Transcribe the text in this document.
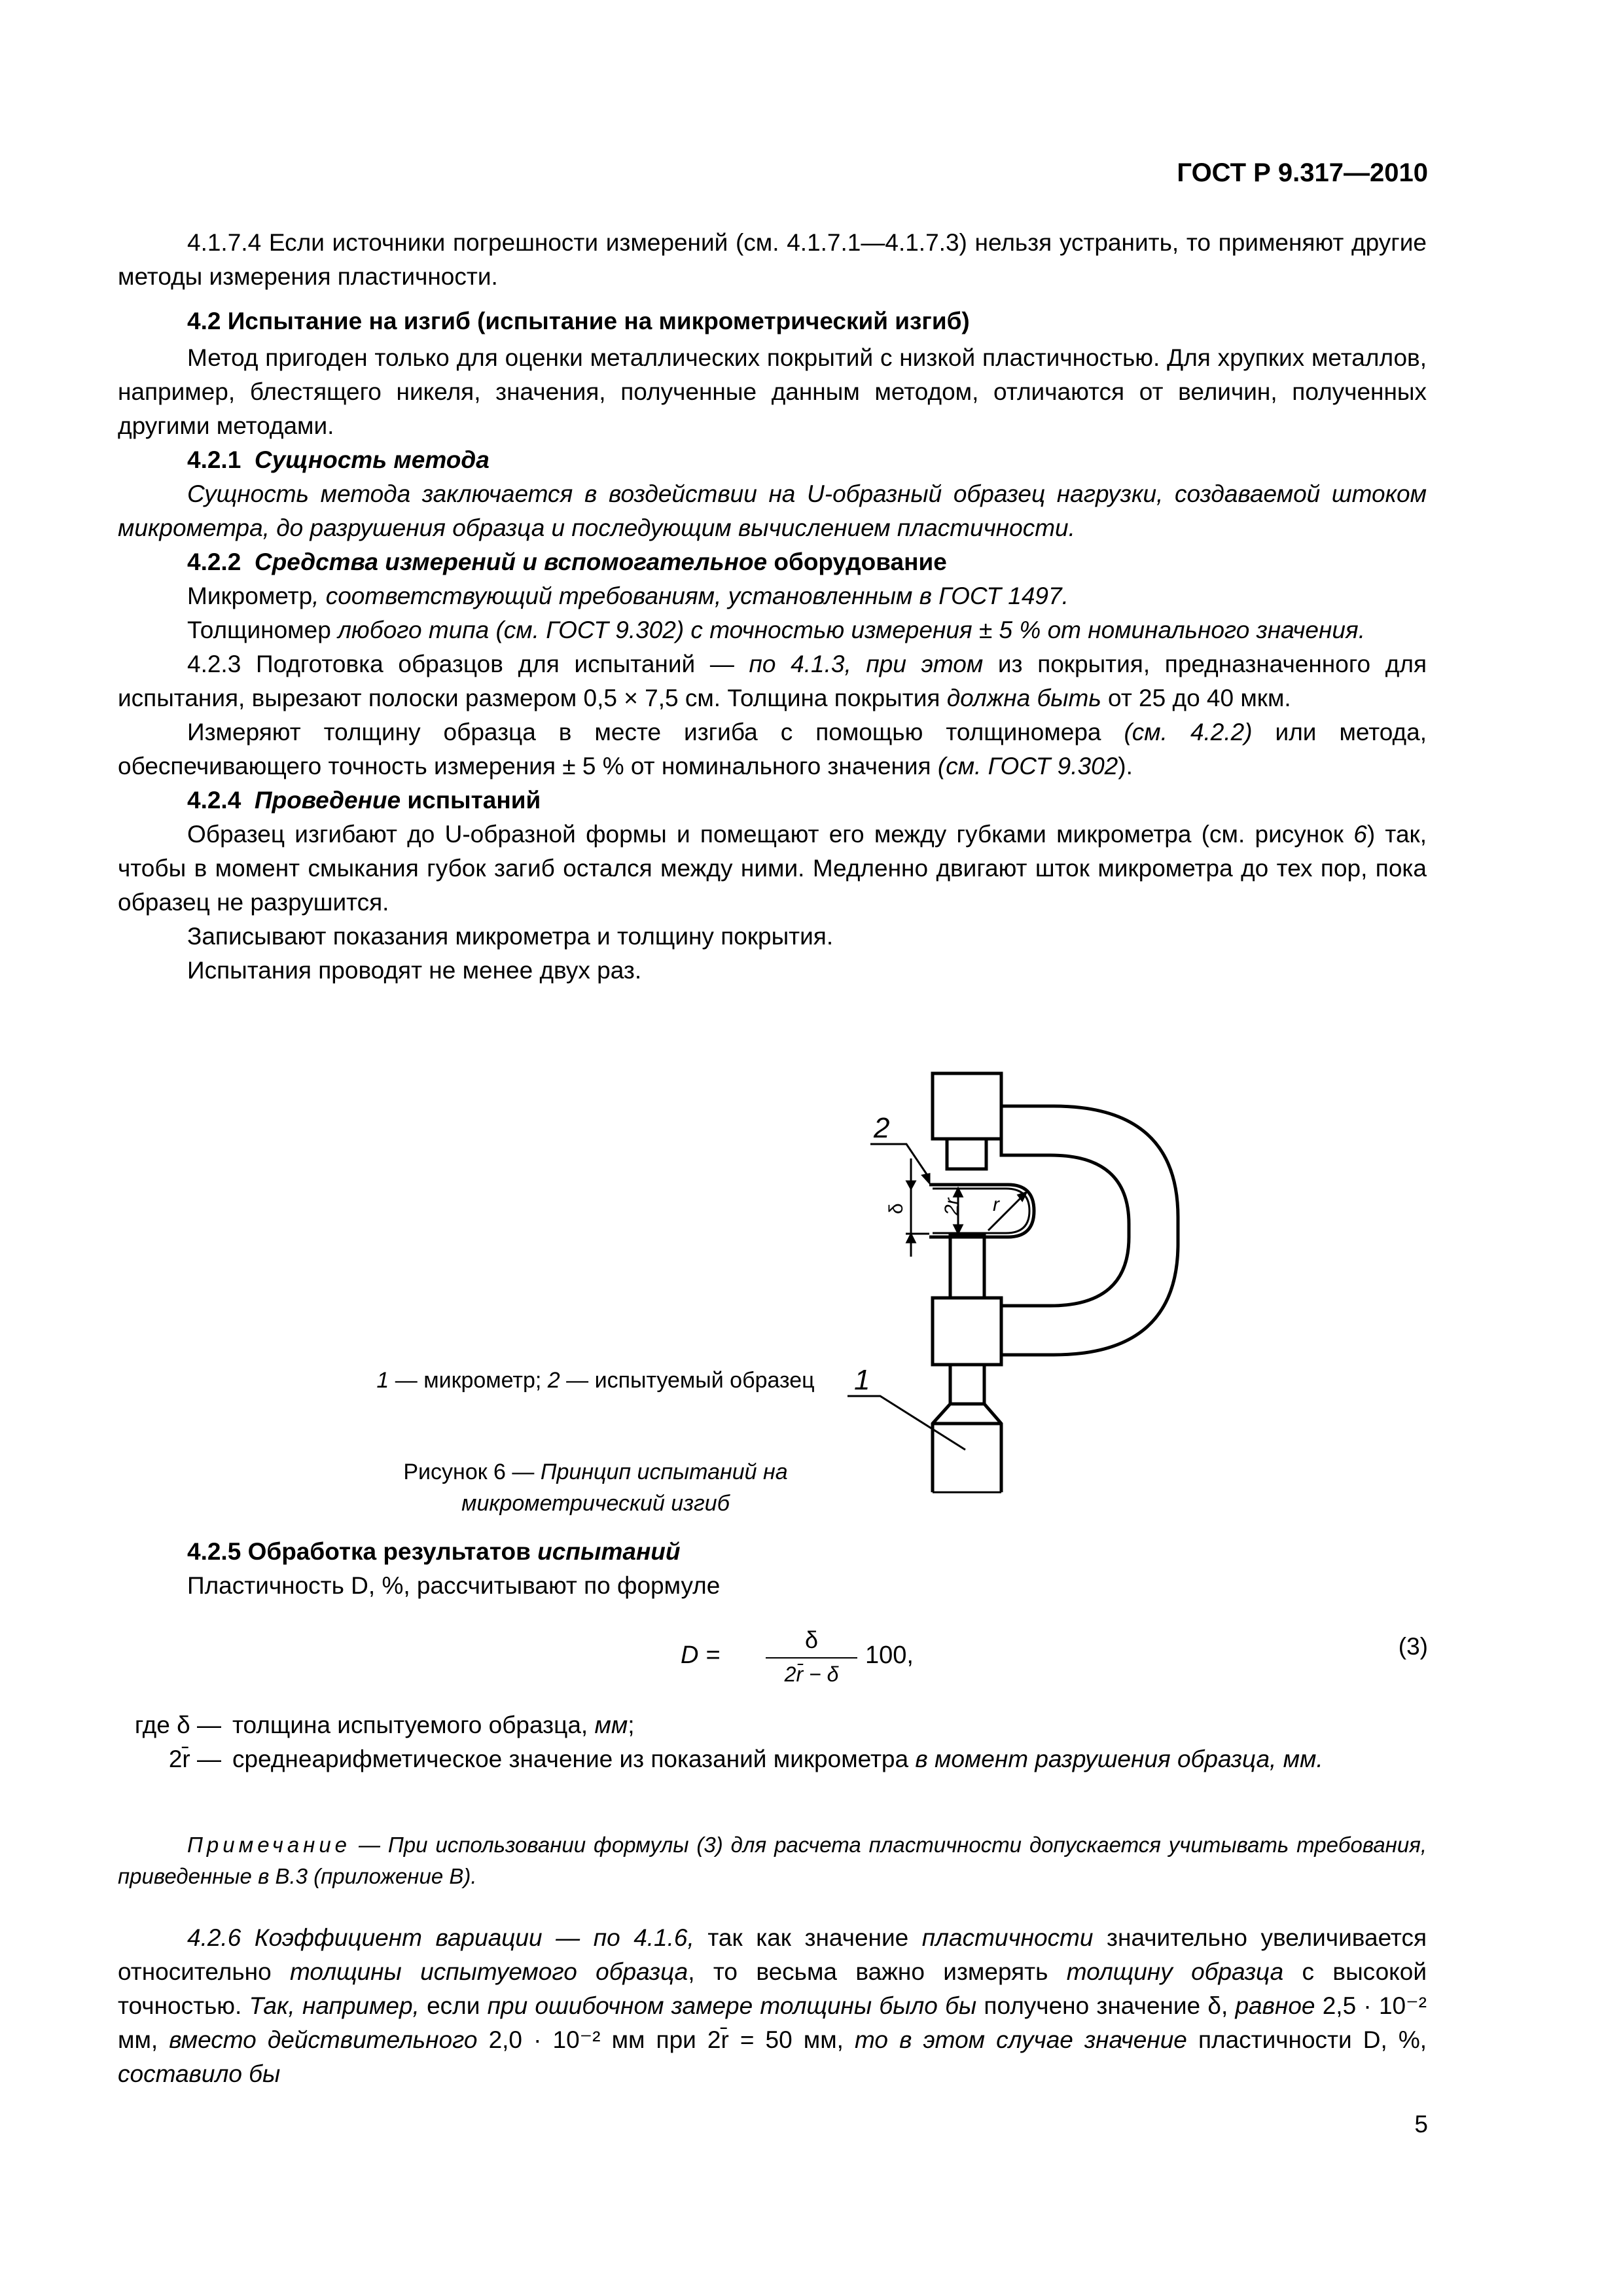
ГОСТ Р 9.317—2010

4.1.7.4 Если источники погрешности измерений (см. 4.1.7.1—4.1.7.3) нельзя устранить, то применяют другие методы измерения пластичности.

4.2 Испытание на изгиб (испытание на микрометрический изгиб)

Метод пригоден только для оценки металлических покрытий с низкой пластичностью. Для хрупких металлов, например, блестящего никеля, значения, полученные данным методом, отличаются от величин, полученных другими методами.

4.2.1 Сущность метода

Сущность метода заключается в воздействии на U-образный образец нагрузки, создаваемой штоком микрометра, до разрушения образца и последующим вычислением пластичности.

4.2.2 Средства измерений и вспомогательное оборудование

Микрометр, соответствующий требованиям, установленным в ГОСТ 1497.

Толщиномер любого типа (см. ГОСТ 9.302) с точностью измерения ± 5 % от номинального значения.

4.2.3 Подготовка образцов для испытаний — по 4.1.3, при этом из покрытия, предназначенного для испытания, вырезают полоски размером 0,5 × 7,5 см. Толщина покрытия должна быть от 25 до 40 мкм.

Измеряют толщину образца в месте изгиба с помощью толщиномера (см. 4.2.2) или метода, обеспечивающего точность измерения ± 5 % от номинального значения (см. ГОСТ 9.302).

4.2.4 Проведение испытаний

Образец изгибают до U-образной формы и помещают его между губками микрометра (см. рисунок 6) так, чтобы в момент смыкания губок загиб остался между ними. Медленно двигают шток микрометра до тех пор, пока образец не разрушится.

Записывают показания микрометра и толщину покрытия.

Испытания проводят не менее двух раз.

2
1
δ 2r r
1 — микрометр; 2 — испытуемый образец
Рисунок 6 — Принцип испытаний на микрометрический изгиб

4.2.5 Обработка результатов испытаний

Пластичность D, %, рассчитывают по формуле

D =
δ
2r̄ − δ
100,	(3)
где δ — толщина испытуемого образца, мм;
2r̄ — среднеарифметическое значение из показаний микрометра в момент разрушения образца, мм.
Примечание — При использовании формулы (3) для расчета пластичности допускается учитывать требования, приведенные в В.3 (приложение В).

4.2.6 Коэффициент вариации — по 4.1.6, так как значение пластичности значительно увеличивается относительно толщины испытуемого образца, то весьма важно измерять толщину образца с высокой точностью. Так, например, если при ошибочном замере толщины было бы получено значение δ, равное 2,5 · 10⁻² мм, вместо действительного 2,0 · 10⁻² мм при 2r̄ = 50 мм, то в этом случае значение пластичности D, %, составило бы

5
